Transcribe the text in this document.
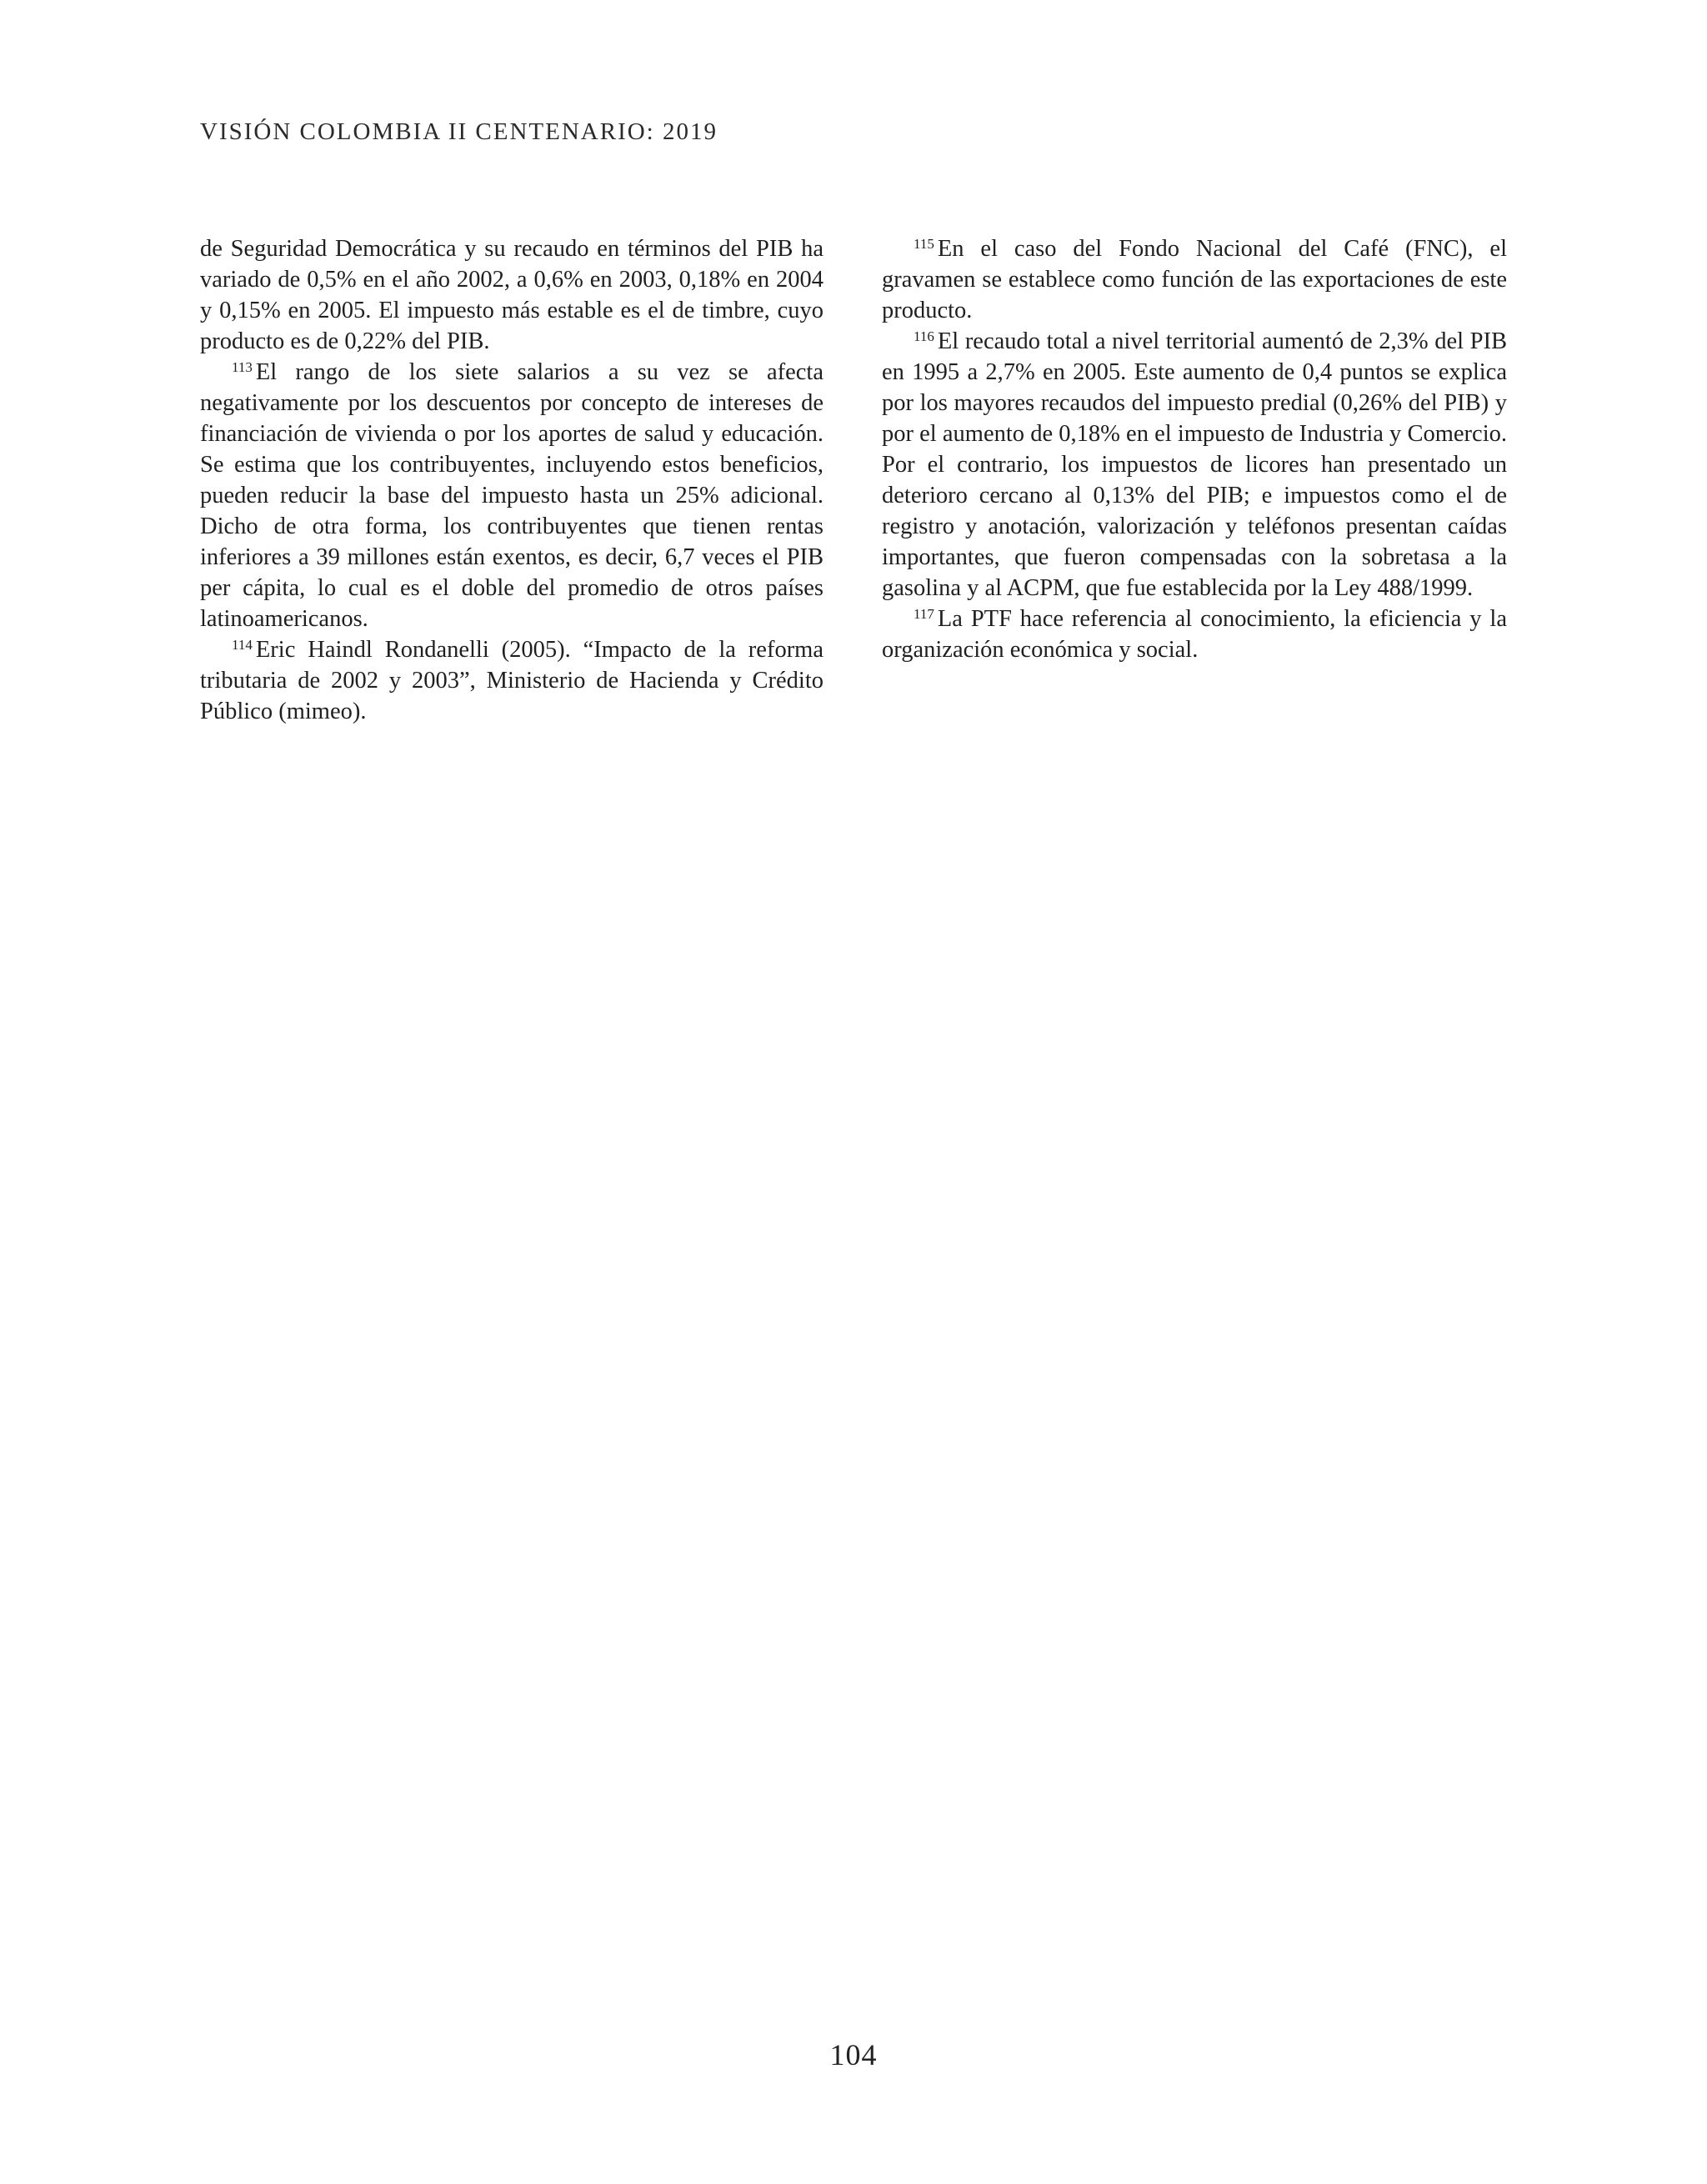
VISIÓN COLOMBIA II CENTENARIO: 2019

de Seguridad Democrática y su recaudo en términos del PIB ha variado de 0,5% en el año 2002, a 0,6% en 2003, 0,18% en 2004 y 0,15% en 2005. El impuesto más estable es el de timbre, cuyo producto es de 0,22% del PIB.

$^{113}$ El rango de los siete salarios a su vez se afecta negativamente por los descuentos por concepto de intereses de financiación de vivienda o por los aportes de salud y educación. Se estima que los contribuyentes, incluyendo estos beneficios, pueden reducir la base del impuesto hasta un 25% adicional. Dicho de otra forma, los contribuyentes que tienen rentas inferiores a 39 millones están exentos, es decir, 6,7 veces el PIB per cápita, lo cual es el doble del promedio de otros países latinoamericanos.

$^{114}$ Eric Haindl Rondanelli (2005). “Impacto de la reforma tributaria de 2002 y 2003”, Ministerio de Hacienda y Crédito Público (mimeo).

$^{115}$ En el caso del Fondo Nacional del Café (FNC), el gravamen se establece como función de las exportaciones de este producto.

$^{116}$ El recaudo total a nivel territorial aumentó de 2,3% del PIB en 1995 a 2,7% en 2005. Este aumento de 0,4 puntos se explica por los mayores recaudos del impuesto predial (0,26% del PIB) y por el aumento de 0,18% en el impuesto de Industria y Comercio. Por el contrario, los impuestos de licores han presentado un deterioro cercano al 0,13% del PIB; e impuestos como el de registro y anotación, valorización y teléfonos presentan caídas importantes, que fueron compensadas con la sobretasa a la gasolina y al ACPM, que fue establecida por la Ley 488/1999.

$^{117}$ La PTF hace referencia al conocimiento, la eficiencia y la organización económica y social.

104
